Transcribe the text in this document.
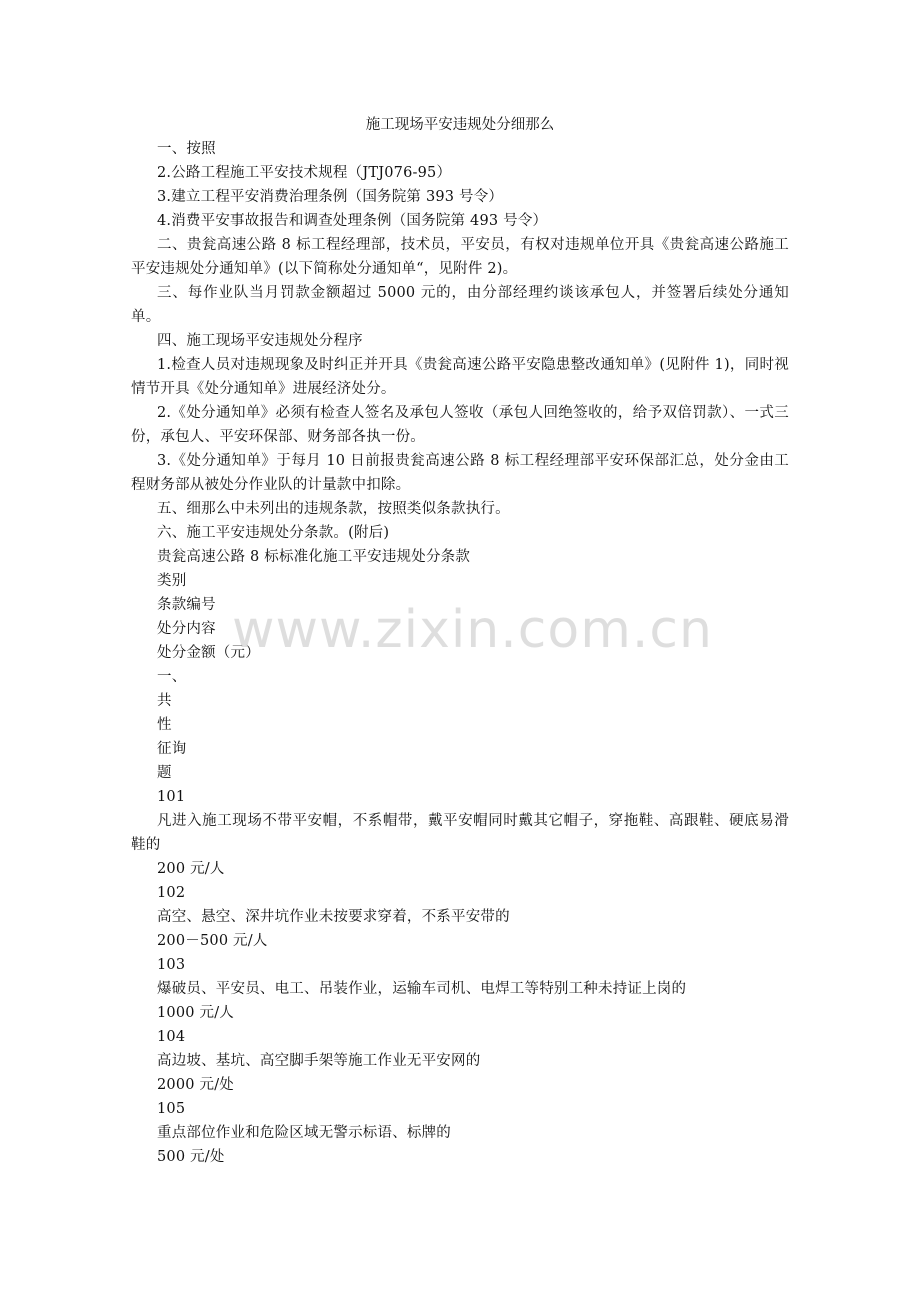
施工现场平安违规处分细那么

一、按照

2.公路工程施工平安技术规程（JTJ076-95）

3.建立工程平安消费治理条例（国务院第 393 号令）

4.消费平安事故报告和调查处理条例（国务院第 493 号令）

二、贵瓮高速公路 8 标工程经理部，技术员，平安员，有权对违规单位开具《贵瓮高速公路施工平安违规处分通知单》(以下简称处分通知单“，见附件 2)。

三、每作业队当月罚款金额超过 5000 元的，由分部经理约谈该承包人，并签署后续处分通知单。

四、施工现场平安违规处分程序

1.检查人员对违规现象及时纠正并开具《贵瓮高速公路平安隐患整改通知单》(见附件 1)，同时视情节开具《处分通知单》进展经济处分。

2.《处分通知单》必须有检查人签名及承包人签收（承包人回绝签收的，给予双倍罚款）、一式三份，承包人、平安环保部、财务部各执一份。

3.《处分通知单》于每月 10 日前报贵瓮高速公路 8 标工程经理部平安环保部汇总，处分金由工程财务部从被处分作业队的计量款中扣除。

五、细那么中未列出的违规条款，按照类似条款执行。

六、施工平安违规处分条款。(附后)

贵瓮高速公路 8 标标准化施工平安违规处分条款

类别

条款编号

处分内容

处分金额（元）

一、

共

性

征询

题

101

凡进入施工现场不带平安帽，不系帽带，戴平安帽同时戴其它帽子，穿拖鞋、高跟鞋、硬底易滑鞋的

200 元/人

102

高空、悬空、深井坑作业未按要求穿着，不系平安带的

200－500 元/人

103

爆破员、平安员、电工、吊装作业，运输车司机、电焊工等特别工种未持证上岗的

1000 元/人

104

高边坡、基坑、高空脚手架等施工作业无平安网的

2000 元/处

105

重点部位作业和危险区域无警示标语、标牌的

500 元/处

www.zixin.com.cn
